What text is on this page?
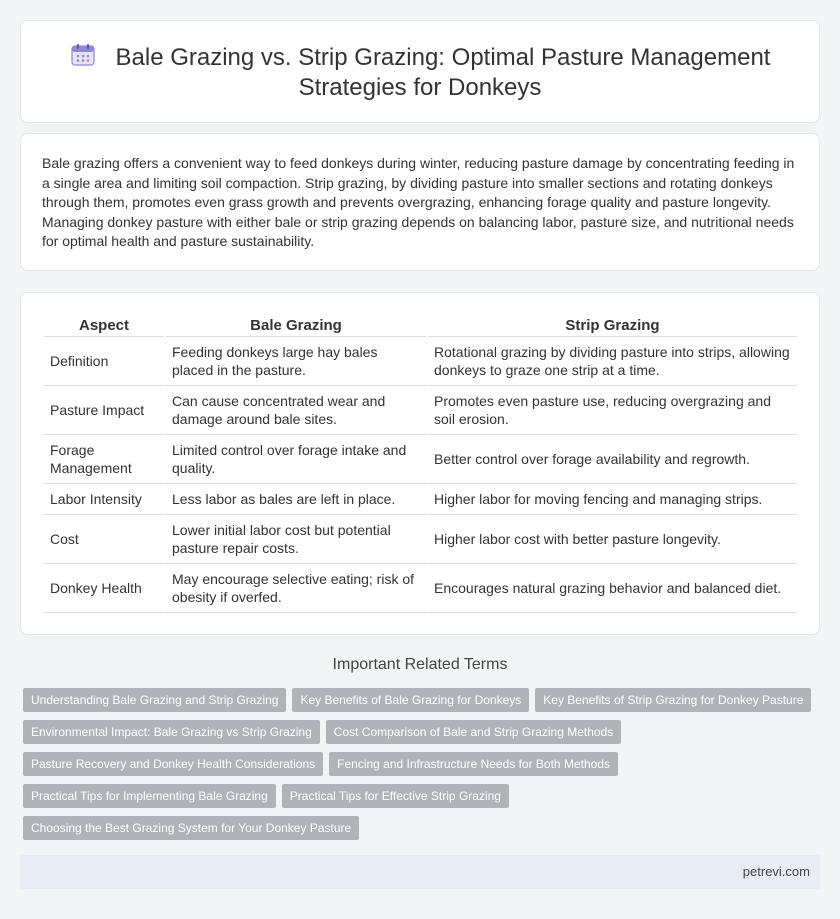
Bale Grazing vs. Strip Grazing: Optimal Pasture Management
Strategies for Donkeys

Bale grazing offers a convenient way to feed donkeys during winter, reducing pasture damage by concentrating feeding in a single area and limiting soil compaction. Strip grazing, by dividing pasture into smaller sections and rotating donkeys through them, promotes even grass growth and prevents overgrazing, enhancing forage quality and pasture longevity. Managing donkey pasture with either bale or strip grazing depends on balancing labor, pasture size, and nutritional needs for optimal health and pasture sustainability.

Aspect	Bale Grazing	Strip Grazing
Definition	Feeding donkeys large hay bales placed in the pasture.	Rotational grazing by dividing pasture into strips, allowing donkeys to graze one strip at a time.
Pasture Impact	Can cause concentrated wear and damage around bale sites.	Promotes even pasture use, reducing overgrazing and soil erosion.
Forage Management	Limited control over forage intake and quality.	Better control over forage availability and regrowth.
Labor Intensity	Less labor as bales are left in place.	Higher labor for moving fencing and managing strips.
Cost	Lower initial labor cost but potential pasture repair costs.	Higher labor cost with better pasture longevity.
Donkey Health	May encourage selective eating; risk of obesity if overfed.	Encourages natural grazing behavior and balanced diet.
Important Related Terms
Understanding Bale Grazing and Strip Grazing Key Benefits of Bale Grazing for Donkeys Key Benefits of Strip Grazing for Donkey Pasture
Environmental Impact: Bale Grazing vs Strip Grazing Cost Comparison of Bale and Strip Grazing Methods
Pasture Recovery and Donkey Health Considerations Fencing and Infrastructure Needs for Both Methods
Practical Tips for Implementing Bale Grazing Practical Tips for Effective Strip Grazing
Choosing the Best Grazing System for Your Donkey Pasture
petrevi.com
